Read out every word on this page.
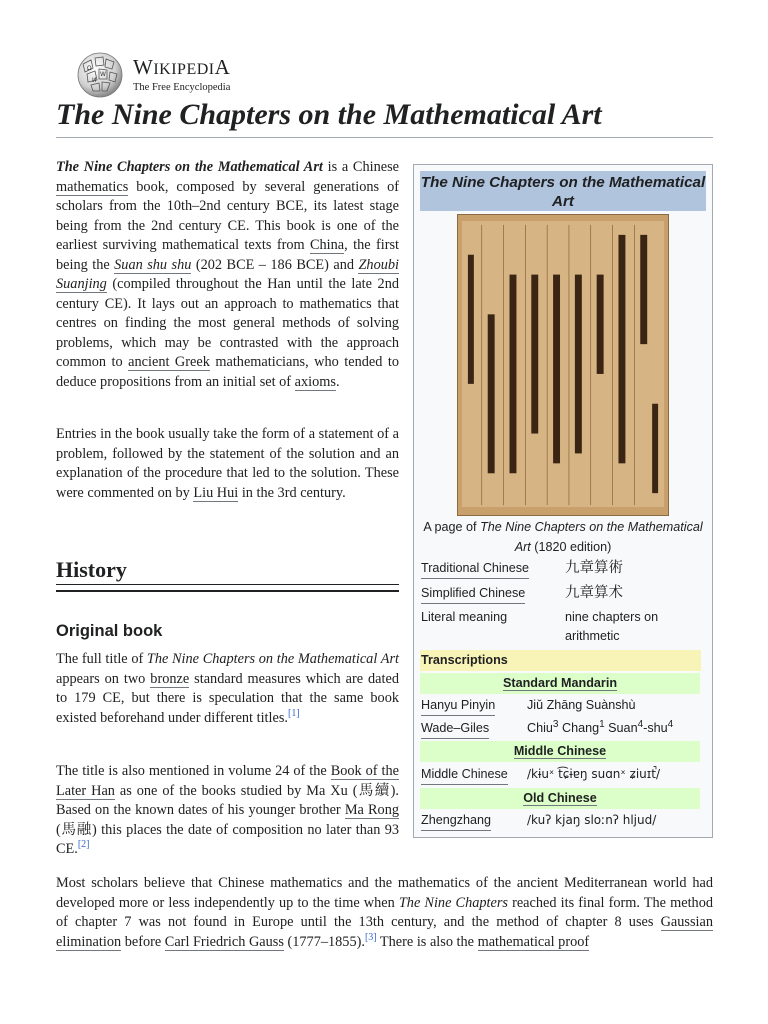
Ω
W
И
WIKIPEDIA
The Free Encyclopedia
The Nine Chapters on the Mathematical Art

The Nine Chapters on the Mathematical Art is a Chinese mathematics book, composed by several generations of scholars from the 10th–2nd century BCE, its latest stage being from the 2nd century CE. This book is one of the earliest surviving mathematical texts from China, the first being the Suan shu shu (202 BCE – 186 BCE) and Zhoubi Suanjing (compiled throughout the Han until the late 2nd century CE). It lays out an approach to mathematics that centres on finding the most general methods of solving problems, which may be contrasted with the approach common to ancient Greek mathematicians, who tended to deduce propositions from an initial set of axioms.

Entries in the book usually take the form of a statement of a problem, followed by the statement of the solution and an explanation of the procedure that led to the solution. These were commented on by Liu Hui in the 3rd century.

History
Original book

The full title of The Nine Chapters on the Mathematical Art appears on two bronze standard measures which are dated to 179 CE, but there is speculation that the same book existed beforehand under different titles.[1]

The title is also mentioned in volume 24 of the Book of the Later Han as one of the books studied by Ma Xu (馬續). Based on the known dates of his younger brother Ma Rong (馬融) this places the date of composition no later than 93 CE.[2]

Most scholars believe that Chinese mathematics and the mathematics of the ancient Mediterranean world had developed more or less independently up to the time when The Nine Chapters reached its final form. The method of chapter 7 was not found in Europe until the 13th century, and the method of chapter 8 uses Gaussian elimination before Carl Friedrich Gauss (1777–1855).[3] There is also the mathematical proof

The Nine Chapters on the Mathematical Art
A page of The Nine Chapters on the Mathematical Art (1820 edition)
Traditional Chinese 九章算術
Simplified Chinese	九章算术
Literal meaning	nine chapters on arithmetic
Transcriptions
Standard Mandarin
Hanyu Pinyin	Jiǔ Zhāng Suànshù
Wade–Giles	Chiu$^3$ Chang$^1$ Suan$^4$-shu$^4$
Middle Chinese
Middle Chinese /kɨuˣ t͡ɕɨɐŋ suɑnˣ ʑiuɪt̚/
Old Chinese
Zhengzhang	/kuʔ kjaŋ sloːnʔ hljud/
